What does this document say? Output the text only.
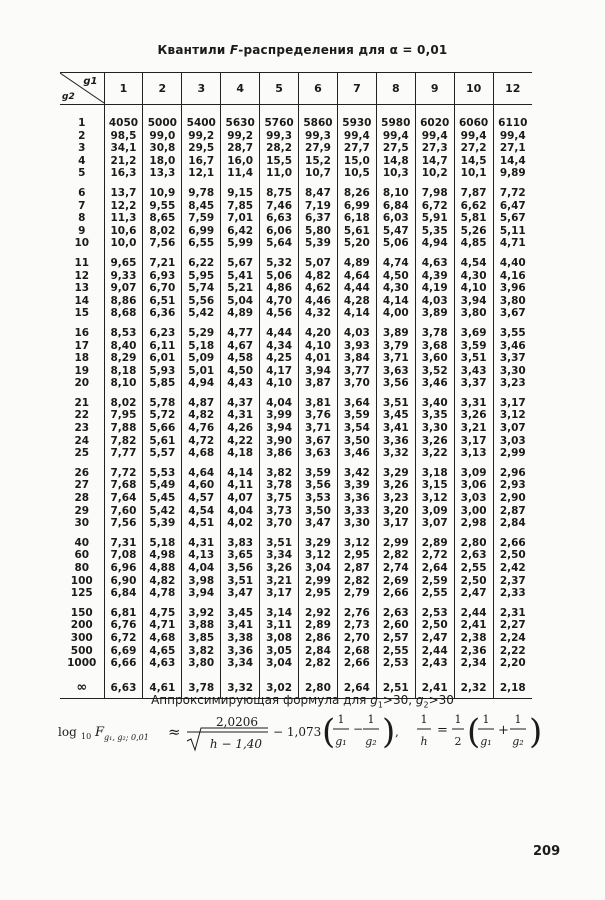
Квантили F-распределения для α = 0,01
g1
g2	1	2	3	4	5	6	7	8	9	10	12
1	4050	5000	5400	5630	5760	5860	5930	5980	6020	6060	6110
2	98,5	99,0	99,2	99,2	99,3	99,3	99,4	99,4	99,4	99,4	99,4
3	34,1	30,8	29,5	28,7	28,2	27,9	27,7	27,5	27,3	27,2	27,1
4	21,2	18,0	16,7	16,0	15,5	15,2	15,0	14,8	14,7	14,5	14,4
5	16,3	13,3	12,1	11,4	11,0	10,7	10,5	10,3	10,2	10,1	9,89
6	13,7	10,9	9,78	9,15	8,75	8,47	8,26	8,10	7,98	7,87	7,72
7	12,2	9,55	8,45	7,85	7,46	7,19	6,99	6,84	6,72	6,62	6,47
8	11,3	8,65	7,59	7,01	6,63	6,37	6,18	6,03	5,91	5,81	5,67
9	10,6	8,02	6,99	6,42	6,06	5,80	5,61	5,47	5,35	5,26	5,11
10	10,0	7,56	6,55	5,99	5,64	5,39	5,20	5,06	4,94	4,85	4,71
11	9,65	7,21	6,22	5,67	5,32	5,07	4,89	4,74	4,63	4,54	4,40
12	9,33	6,93	5,95	5,41	5,06	4,82	4,64	4,50	4,39	4,30	4,16
13	9,07	6,70	5,74	5,21	4,86	4,62	4,44	4,30	4,19	4,10	3,96
14	8,86	6,51	5,56	5,04	4,70	4,46	4,28	4,14	4,03	3,94	3,80
15	8,68	6,36	5,42	4,89	4,56	4,32	4,14	4,00	3,89	3,80	3,67
16	8,53	6,23	5,29	4,77	4,44	4,20	4,03	3,89	3,78	3,69	3,55
17	8,40	6,11	5,18	4,67	4,34	4,10	3,93	3,79	3,68	3,59	3,46
18	8,29	6,01	5,09	4,58	4,25	4,01	3,84	3,71	3,60	3,51	3,37
19	8,18	5,93	5,01	4,50	4,17	3,94	3,77	3,63	3,52	3,43	3,30
20	8,10	5,85	4,94	4,43	4,10	3,87	3,70	3,56	3,46	3,37	3,23
21	8,02	5,78	4,87	4,37	4,04	3,81	3,64	3,51	3,40	3,31	3,17
22	7,95	5,72	4,82	4,31	3,99	3,76	3,59	3,45	3,35	3,26	3,12
23	7,88	5,66	4,76	4,26	3,94	3,71	3,54	3,41	3,30	3,21	3,07
24	7,82	5,61	4,72	4,22	3,90	3,67	3,50	3,36	3,26	3,17	3,03
25	7,77	5,57	4,68	4,18	3,86	3,63	3,46	3,32	3,22	3,13	2,99
26	7,72	5,53	4,64	4,14	3,82	3,59	3,42	3,29	3,18	3,09	2,96
27	7,68	5,49	4,60	4,11	3,78	3,56	3,39	3,26	3,15	3,06	2,93
28	7,64	5,45	4,57	4,07	3,75	3,53	3,36	3,23	3,12	3,03	2,90
29	7,60	5,42	4,54	4,04	3,73	3,50	3,33	3,20	3,09	3,00	2,87
30	7,56	5,39	4,51	4,02	3,70	3,47	3,30	3,17	3,07	2,98	2,84
40	7,31	5,18	4,31	3,83	3,51	3,29	3,12	2,99	2,89	2,80	2,66
60	7,08	4,98	4,13	3,65	3,34	3,12	2,95	2,82	2,72	2,63	2,50
80	6,96	4,88	4,04	3,56	3,26	3,04	2,87	2,74	2,64	2,55	2,42
100	6,90	4,82	3,98	3,51	3,21	2,99	2,82	2,69	2,59	2,50	2,37
125	6,84	4,78	3,94	3,47	3,17	2,95	2,79	2,66	2,55	2,47	2,33
150	6,81	4,75	3,92	3,45	3,14	2,92	2,76	2,63	2,53	2,44	2,31
200	6,76	4,71	3,88	3,41	3,11	2,89	2,73	2,60	2,50	2,41	2,27
300	6,72	4,68	3,85	3,38	3,08	2,86	2,70	2,57	2,47	2,38	2,24
500	6,69	4,65	3,82	3,36	3,05	2,84	2,68	2,55	2,44	2,36	2,22
1000	6,66	4,63	3,80	3,34	3,04	2,82	2,66	2,53	2,43	2,34	2,20
∞	6,63	4,61	3,78	3,32	3,02	2,80	2,64	2,51	2,41	2,32	2,18
Аппроксимирующая формула для $g_1>30$, $g_2>30$
log 10 F g₁, g₂; 0,01 ≈
2,0206
h − 1,40
− 1,073 ( 1
g₁
−
1
g₂ ) ,
1
h
=
1
2 ( 1
g₁
+
1
g₂ )
209
